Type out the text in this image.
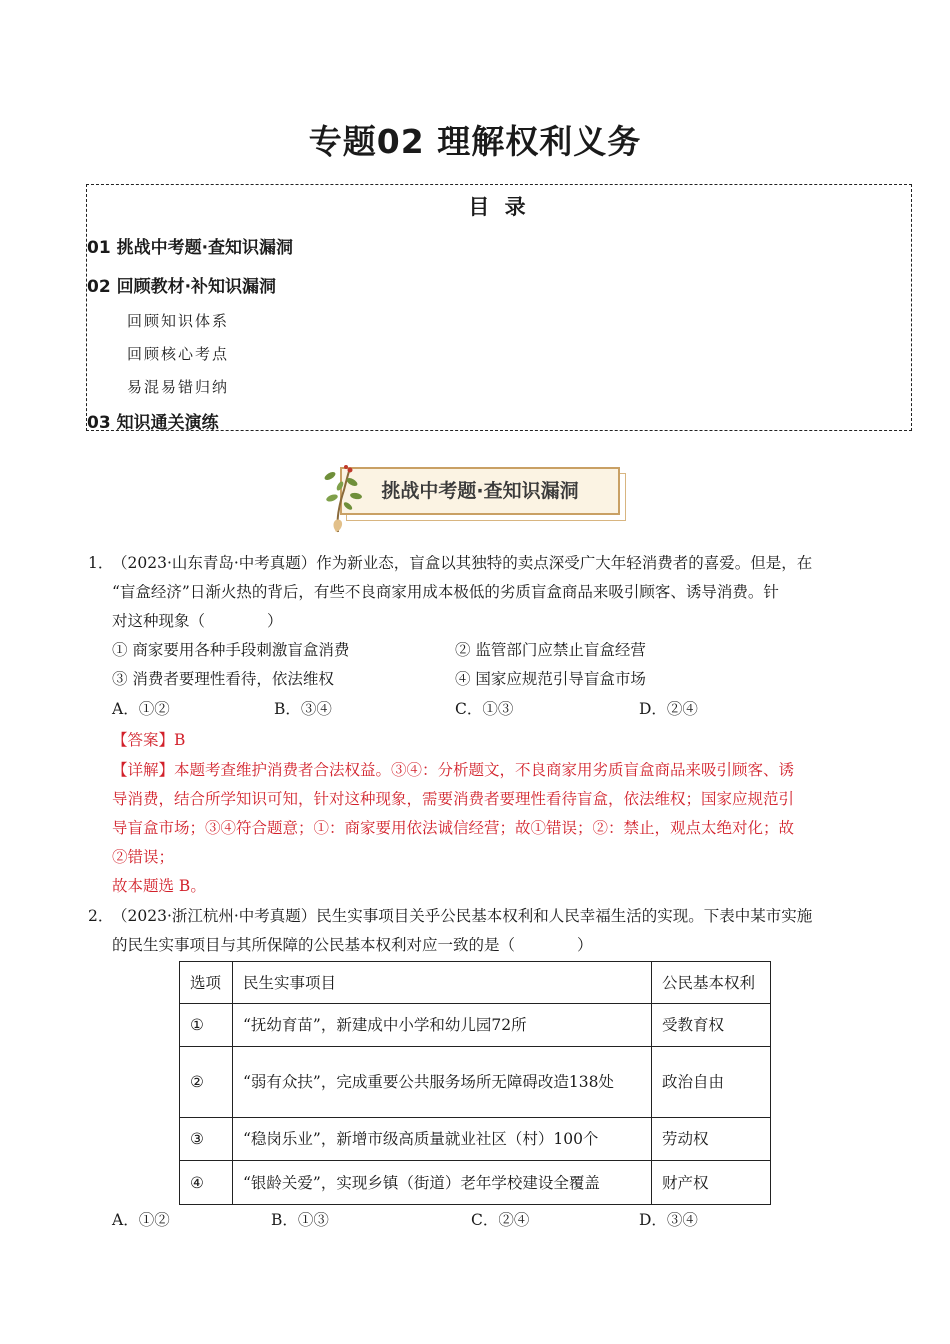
专题02 理解权利义务
目 录
01 挑战中考题·查知识漏洞
02 回顾教材·补知识漏洞
回顾知识体系
回顾核心考点
易混易错归纳
03 知识通关演练
挑战中考题·查知识漏洞
1．
（2023·山东青岛·中考真题）作为新业态，盲盒以其独特的卖点深受广大年轻消费者的喜爱。但是，在
“盲盒经济”日渐火热的背后，有些不良商家用成本极低的劣质盲盒商品来吸引顾客、诱导消费。针
对这种现象（　　　　）
① 商家要用各种手段刺激盲盒消费	② 监管部门应禁止盲盒经营
③ 消费者要理性看待，依法维权	④ 国家应规范引导盲盒市场
A．①②	B．③④	C．①③	D．②④
【答案】B
【详解】本题考查维护消费者合法权益。③④：分析题文，不良商家用劣质盲盒商品来吸引顾客、诱
导消费，结合所学知识可知，针对这种现象，需要消费者要理性看待盲盒，依法维权；国家应规范引
导盲盒市场；③④符合题意；①：商家要用依法诚信经营；故①错误；②：禁止，观点太绝对化；故
②错误；
故本题选 B。
2．
（2023·浙江杭州·中考真题）民生实事项目关乎公民基本权利和人民幸福生活的实现。下表中某市实施
的民生实事项目与其所保障的公民基本权利对应一致的是（　　　　）
选项	民生实事项目	公民基本权利
①	“抚幼育苗”，新建成中小学和幼儿园72所	受教育权
②	“弱有众扶”，完成重要公共服务场所无障碍改造138处	政治自由
③	“稳岗乐业”，新增市级高质量就业社区（村）100个	劳动权
④	“银龄关爱”，实现乡镇（街道）老年学校建设全覆盖	财产权
A．①②	B．①③	C．②④	D．③④
